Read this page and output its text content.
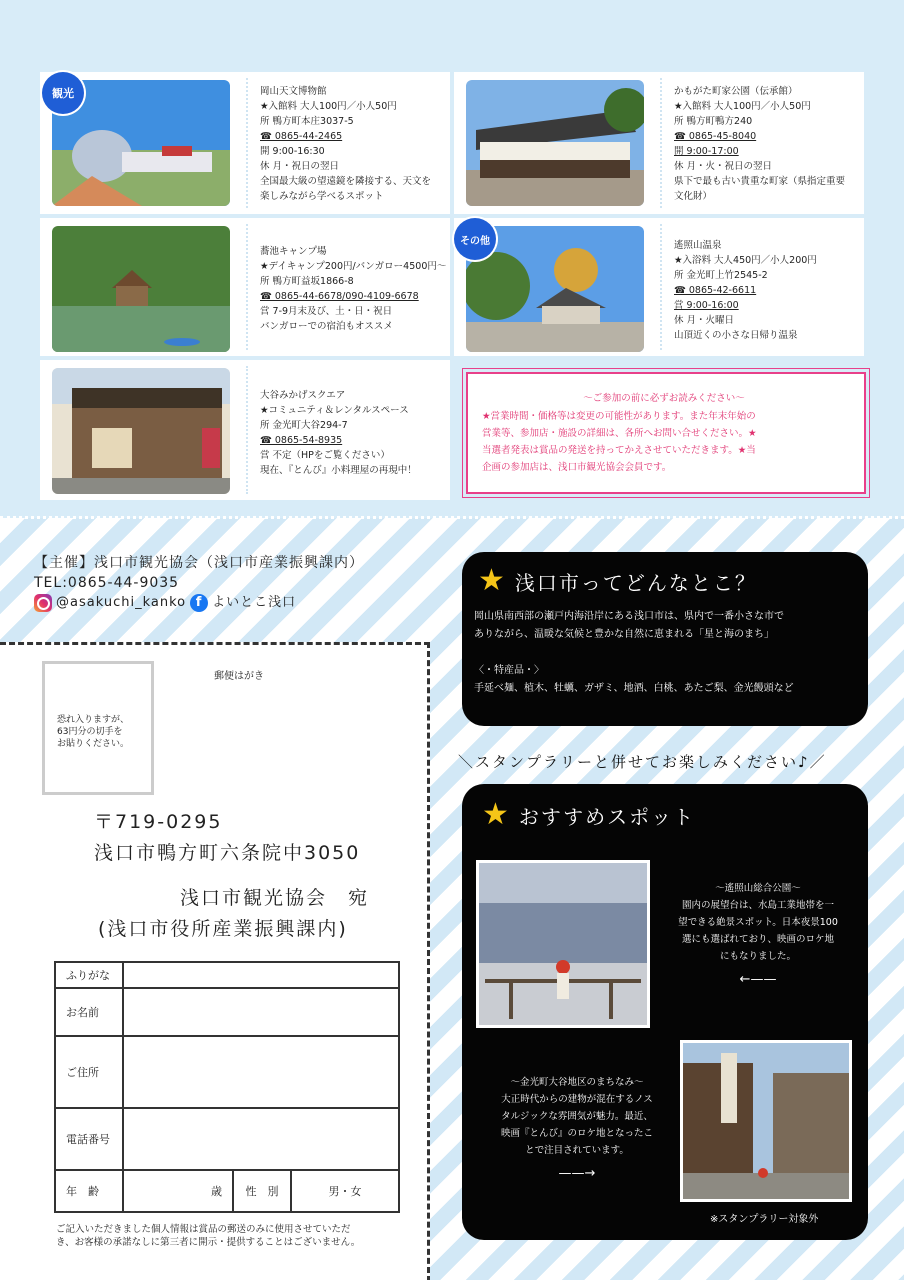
岡山天文博物館
★入館料 大人100円／小人50円
所 鴨方町本庄3037-5
☎ 0865-44-2465
開 9:00-16:30
休 月・祝日の翌日
全国最大級の望遠鏡を隣接する、天文を
楽しみながら学べるスポット
観光	かもがた町家公園（伝承館）
★入館料 大人100円／小人50円
所 鴨方町鴨方240
☎ 0865-45-8040
開 9:00-17:00
休 月・火・祝日の翌日
県下で最も古い貴重な町家（県指定重要
文化財）
蕎池キャンプ場
★デイキャンプ200円/バンガロー4500円～
所 鴨方町益坂1866-8
☎ 0865-44-6678/090-4109-6678
営 7-9月末及び、土・日・祝日
バンガローでの宿泊もオススメ
遙照山温泉
★入浴料 大人450円／小人200円
所 金光町上竹2545-2
☎ 0865-42-6611
営 9:00-16:00
休 月・火曜日
山頂近くの小さな日帰り温泉
その他
大谷みかげスクエア
★コミュニティ＆レンタルスペース
所 金光町大谷294-7
☎ 0865-54-8935
営 不定（HPをご覧ください）
現在、『とんび』小料理屋の再現中！
～ご参加の前に必ずお読みください～
★営業時間・価格等は変更の可能性があります。また年末年始の
営業等、参加店・施設の詳細は、各所へお問い合せください。★
当選者発表は賞品の発送を持ってかえさせていただきます。★当
企画の参加店は、浅口市観光協会会員です。
【主催】浅口市観光協会（浅口市産業振興課内）
TEL:0865-44-9035
@asakuchi_kanko f よいとこ浅口
恐れ入りますが、
63円分の切手を
お貼りください。
郵便はがき
〒719-0295
浅口市鴨方町六条院中3050
浅口市観光協会　宛
(浅口市役所産業振興課内)
ふりがな			
お名前			
ご住所			
電話番号			
年　齢	歳	性　別	男・女
ご記入いただきました個人情報は賞品の郵送のみに使用させていただ
き、お客様の承諾なしに第三者に開示・提供することはございません。
★ 浅口市ってどんなとこ？
岡山県南西部の瀬戸内海沿岸にある浅口市は、県内で一番小さな市で
ありながら、温暖な気候と豊かな自然に恵まれる「星と海のまち」
〈・特産品・〉
手延べ麺、植木、牡蠣、ガザミ、地酒、白桃、あたご梨、金光饅頭など
＼スタンプラリーと併せてお楽しみください♪／
★ おすすめスポット
～遙照山総合公園～
園内の展望台は、水島工業地帯を一
望できる絶景スポット。日本夜景100
選にも選ばれており、映画のロケ地
にもなりました。
←——
～金光町大谷地区のまちなみ～
大正時代からの建物が混在するノス
タルジックな雰囲気が魅力。最近、
映画『とんび』のロケ地となったこ
とで注目されています。
——→
※スタンプラリー対象外
